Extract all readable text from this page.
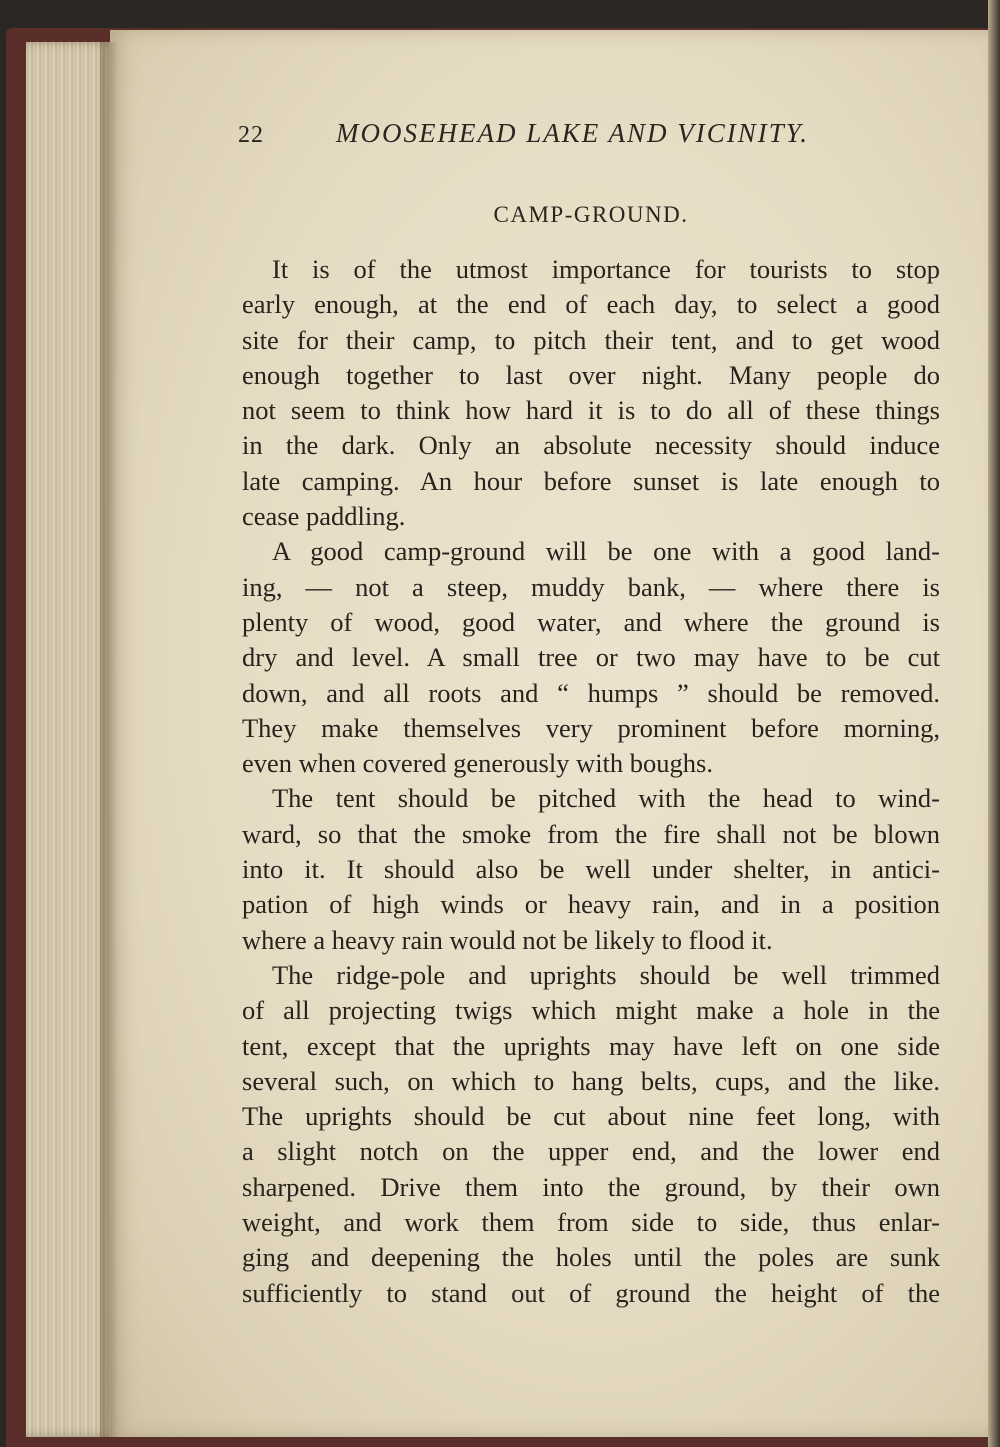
22	MOOSEHEAD LAKE AND VICINITY.
CAMP-GROUND.
It is of the utmost importance for tourists to stop
early enough, at the end of each day, to select a good
site for their camp, to pitch their tent, and to get wood
enough together to last over night. Many people do
not seem to think how hard it is to do all of these things
in the dark. Only an absolute necessity should induce
late camping. An hour before sunset is late enough to
cease paddling.
A good camp-ground will be one with a good land-
ing, — not a steep, muddy bank, — where there is
plenty of wood, good water, and where the ground is
dry and level. A small tree or two may have to be cut
down, and all roots and “ humps ” should be removed.
They make themselves very prominent before morning,
even when covered generously with boughs.
The tent should be pitched with the head to wind-
ward, so that the smoke from the fire shall not be blown
into it. It should also be well under shelter, in antici-
pation of high winds or heavy rain, and in a position
where a heavy rain would not be likely to flood it.
The ridge-pole and uprights should be well trimmed
of all projecting twigs which might make a hole in the
tent, except that the uprights may have left on one side
several such, on which to hang belts, cups, and the like.
The uprights should be cut about nine feet long, with
a slight notch on the upper end, and the lower end
sharpened. Drive them into the ground, by their own
weight, and work them from side to side, thus enlar-
ging and deepening the holes until the poles are sunk
sufficiently to stand out of ground the height of the
